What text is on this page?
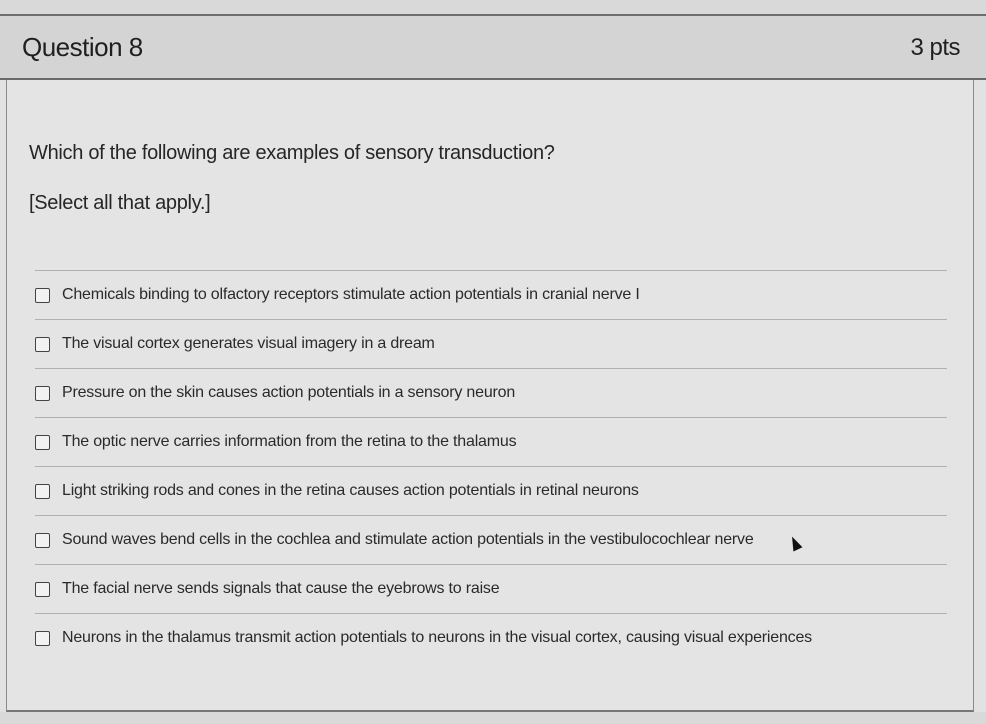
Question 8	3 pts
Which of the following are examples of sensory transduction?
[Select all that apply.]
Chemicals binding to olfactory receptors stimulate action potentials in cranial nerve I
The visual cortex generates visual imagery in a dream
Pressure on the skin causes action potentials in a sensory neuron
The optic nerve carries information from the retina to the thalamus
Light striking rods and cones in the retina causes action potentials in retinal neurons
Sound waves bend cells in the cochlea and stimulate action potentials in the vestibulocochlear nerve
The facial nerve sends signals that cause the eyebrows to raise
Neurons in the thalamus transmit action potentials to neurons in the visual cortex, causing visual experiences
